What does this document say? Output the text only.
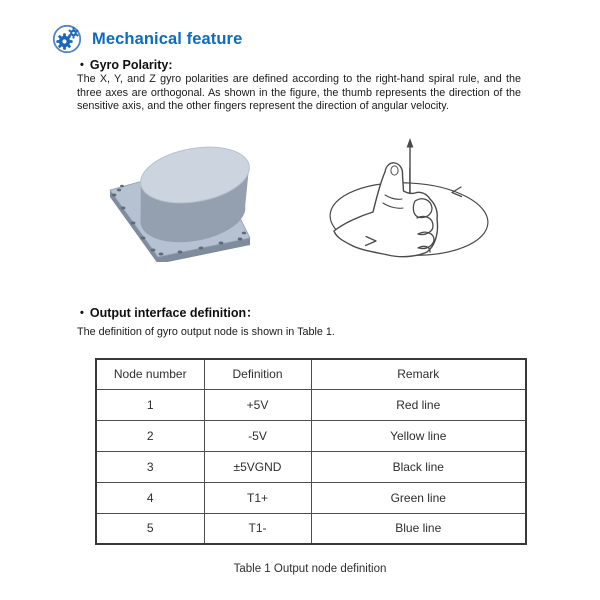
Mechanical feature
• Gyro Polarity:

The X, Y, and Z gyro polarities are defined according to the right-hand spiral rule, and the three axes are orthogonal. As shown in the figure, the thumb represents the direction of the sensitive axis, and the other fingers represent the direction of angular velocity.

• Output interface definition：

The definition of gyro output node is shown in Table 1.

Node number	Definition	Remark
1	+5V	Red line
2	-5V	Yellow line
3	±5VGND	Black line
4	T1+	Green line
5	T1-	Blue line
Table 1 Output node definition
